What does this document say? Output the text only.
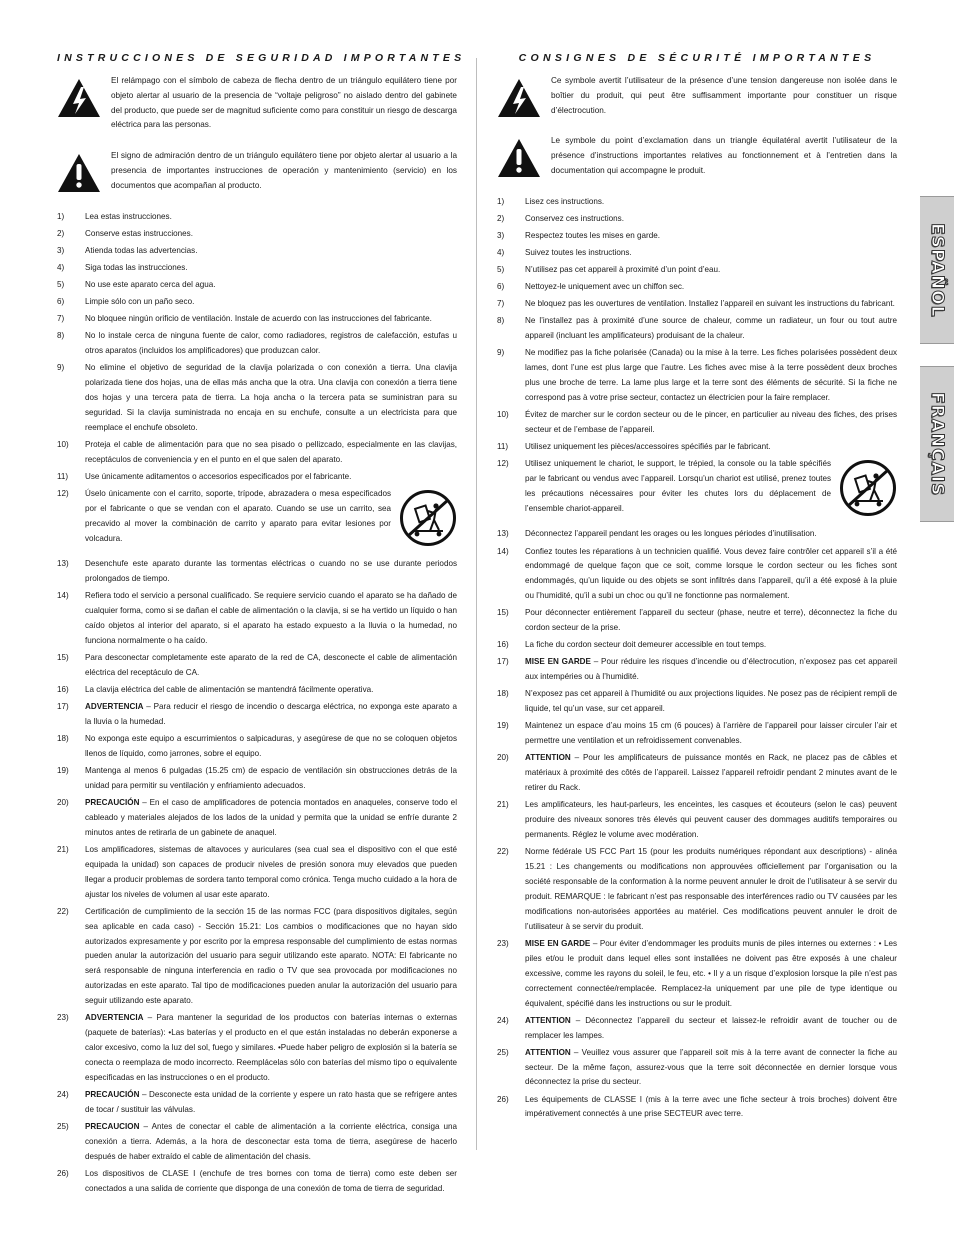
INSTRUCCIONES DE SEGURIDAD IMPORTANTES
El relámpago con el símbolo de cabeza de flecha dentro de un triángulo equilátero tiene por objeto alertar al usuario de la presencia de “voltaje peligroso” no aislado dentro del gabinete del producto, que puede ser de magnitud suficiente como para constituir un riesgo de descarga eléctrica para las personas.
El signo de admiración dentro de un triángulo equilátero tiene por objeto alertar al usuario a la presencia de importantes instrucciones de operación y mantenimiento (servicio) en los documentos que acompañan al producto.
1)	Lea estas instrucciones.
2)	Conserve estas instrucciones.
3)	Atienda todas las advertencias.
4)	Siga todas las instrucciones.
5)	No use este aparato cerca del agua.
6)	Limpie sólo con un paño seco.
7)	No bloquee ningún orificio de ventilación. Instale de acuerdo con las instrucciones del fabricante.
8)	No lo instale cerca de ninguna fuente de calor, como radiadores, registros de calefacción, estufas u otros aparatos (incluidos los amplificadores) que produzcan calor.
9)	No elimine el objetivo de seguridad de la clavija polarizada o con conexión a tierra. Una clavija polarizada tiene dos hojas, una de ellas más ancha que la otra. Una clavija con conexión a tierra tiene dos hojas y una tercera pata de tierra. La hoja ancha o la tercera pata se suministran para su seguridad. Si la clavija suministrada no encaja en su enchufe, consulte a un electricista para que reemplace el enchufe obsoleto.
10)	Proteja el cable de alimentación para que no sea pisado o pellizcado, especialmente en las clavijas, receptáculos de conveniencia y en el punto en el que salen del aparato.
11)	Use únicamente aditamentos o accesorios especificados por el fabricante.
12)	Úselo únicamente con el carrito, soporte, trípode, abrazadera o mesa especificados por el fabricante o que se vendan con el aparato. Cuando se use un carrito, sea precavido al mover la combinación de carrito y aparato para evitar lesiones por volcadura.
13)	Desenchufe este aparato durante las tormentas eléctricas o cuando no se use durante periodos prolongados de tiempo.
14)	Refiera todo el servicio a personal cualificado. Se requiere servicio cuando el aparato se ha dañado de cualquier forma, como si se dañan el cable de alimentación o la clavija, si se ha vertido un líquido o han caído objetos al interior del aparato, si el aparato ha estado expuesto a la lluvia o la humedad, no funciona normalmente o ha caído.
15)	Para desconectar completamente este aparato de la red de CA, desconecte el cable de alimentación eléctrica del receptáculo de CA.
16)	La clavija eléctrica del cable de alimentación se mantendrá fácilmente operativa.
17)	ADVERTENCIA – Para reducir el riesgo de incendio o descarga eléctrica, no exponga este aparato a la lluvia o la humedad.
18)	No exponga este equipo a escurrimientos o salpicaduras, y asegúrese de que no se coloquen objetos llenos de líquido, como jarrones, sobre el equipo.
19)	Mantenga al menos 6 pulgadas (15.25 cm) de espacio de ventilación sin obstrucciones detrás de la unidad para permitir su ventilación y enfriamiento adecuados.
20)	PRECAUCIÓN – En el caso de amplificadores de potencia montados en anaqueles, conserve todo el cableado y materiales alejados de los lados de la unidad y permita que la unidad se enfríe durante 2 minutos antes de retirarla de un gabinete de anaquel.
21)	Los amplificadores, sistemas de altavoces y auriculares (sea cual sea el dispositivo con el que esté equipada la unidad) son capaces de producir niveles de presión sonora muy elevados que pueden llegar a producir problemas de sordera tanto temporal como crónica. Tenga mucho cuidado a la hora de ajustar los niveles de volumen al usar este aparato.
22)	Certificación de cumplimiento de la sección 15 de las normas FCC (para dispositivos digitales, según sea aplicable en cada caso) - Sección 15.21: Los cambios o modificaciones que no hayan sido autorizados expresamente y por escrito por la empresa responsable del cumplimiento de estas normas pueden anular la autorización del usuario para seguir utilizando este aparato. NOTA: El fabricante no será responsable de ninguna interferencia en radio o TV que sea provocada por modificaciones no autorizadas en este aparato. Tal tipo de modificaciones pueden anular la autorización del usuario para seguir utilizando este aparato.
23)	ADVERTENCIA – Para mantener la seguridad de los productos con baterías internas o externas (paquete de baterías): •Las baterías y el producto en el que están instaladas no deberán exponerse a calor excesivo, como la luz del sol, fuego y similares. •Puede haber peligro de explosión si la batería se conecta o reemplaza de modo incorrecto. Reemplácelas sólo con baterías del mismo tipo o equivalente especificadas en las instrucciones o en el producto.
24)	PRECAUCIÓN – Desconecte esta unidad de la corriente y espere un rato hasta que se refrigere antes de tocar / sustituir las válvulas.
25)	PRECAUCION – Antes de conectar el cable de alimentación a la corriente eléctrica, consiga una conexión a tierra. Además, a la hora de desconectar esta toma de tierra, asegúrese de hacerlo después de haber extraído el cable de alimentación del chasis.
26)	Los dispositivos de CLASE I (enchufe de tres bornes con toma de tierra) como este deben ser conectados a una salida de corriente que disponga de una conexión de toma de tierra de seguridad.
CONSIGNES DE SÉCURITÉ IMPORTANTES
Ce symbole avertit l’utilisateur de la présence d’une tension dangereuse non isolée dans le boîtier du produit, qui peut être suffisamment importante pour constituer un risque d’électrocution.
Le symbole du point d’exclamation dans un triangle équilatéral avertit l’utilisateur de la présence d’instructions importantes relatives au fonctionnement et à l’entretien dans la documentation qui accompagne le produit.
1)	Lisez ces instructions.
2)	Conservez ces instructions.
3)	Respectez toutes les mises en garde.
4)	Suivez toutes les instructions.
5)	N’utilisez pas cet appareil à proximité d’un point d’eau.
6)	Nettoyez-le uniquement avec un chiffon sec.
7)	Ne bloquez pas les ouvertures de ventilation. Installez l’appareil en suivant les instructions du fabricant.
8)	Ne l’installez pas à proximité d’une source de chaleur, comme un radiateur, un four ou tout autre appareil (incluant les amplificateurs) produisant de la chaleur.
9)	Ne modifiez pas la fiche polarisée (Canada) ou la mise à la terre. Les fiches polarisées possèdent deux lames, dont l’une est plus large que l’autre. Les fiches avec mise à la terre possèdent deux broches plus une broche de terre. La lame plus large et la terre sont des éléments de sécurité. Si la fiche ne correspond pas à votre prise secteur, contactez un électricien pour la faire remplacer.
10)	Évitez de marcher sur le cordon secteur ou de le pincer, en particulier au niveau des fiches, des prises secteur et de l’embase de l’appareil.
11)	Utilisez uniquement les pièces/accessoires spécifiés par le fabricant.
12)	Utilisez uniquement le chariot, le support, le trépied, la console ou la table spécifiés par le fabricant ou vendus avec l’appareil. Lorsqu’un chariot est utilisé, prenez toutes les précautions nécessaires pour éviter les chutes lors du déplacement de l’ensemble chariot-appareil.
13)	Déconnectez l’appareil pendant les orages ou les longues périodes d’inutilisation.
14)	Confiez toutes les réparations à un technicien qualifié. Vous devez faire contrôler cet appareil s’il a été endommagé de quelque façon que ce soit, comme lorsque le cordon secteur ou les fiches sont endommagés, qu’un liquide ou des objets se sont infiltrés dans l’appareil, qu’il a été exposé à la pluie ou l’humidité, qu’il a subi un choc ou qu’il ne fonctionne pas normalement.
15)	Pour déconnecter entièrement l’appareil du secteur (phase, neutre et terre), déconnectez la fiche du cordon secteur de la prise.
16)	La fiche du cordon secteur doit demeurer accessible en tout temps.
17)	MISE EN GARDE – Pour réduire les risques d’incendie ou d’électrocution, n’exposez pas cet appareil aux intempéries ou à l’humidité.
18)	N’exposez pas cet appareil à l’humidité ou aux projections liquides. Ne posez pas de récipient rempli de liquide, tel qu’un vase, sur cet appareil.
19)	Maintenez un espace d’au moins 15 cm (6 pouces) à l’arrière de l’appareil pour laisser circuler l’air et permettre une ventilation et un refroidissement convenables.
20)	ATTENTION – Pour les amplificateurs de puissance montés en Rack, ne placez pas de câbles et matériaux à proximité des côtés de l’appareil. Laissez l’appareil refroidir pendant 2 minutes avant de le retirer du Rack.
21)	Les amplificateurs, les haut-parleurs, les enceintes, les casques et écouteurs (selon le cas) peuvent produire des niveaux sonores très élevés qui peuvent causer des dommages auditifs temporaires ou permanents. Réglez le volume avec modération.
22)	Norme fédérale US FCC Part 15 (pour les produits numériques répondant aux descriptions) - alinéa 15.21 : Les changements ou modifications non approuvées officiellement par l’organisation ou la société responsable de la conformation à la norme peuvent annuler le droit de l’utilisateur à se servir du produit. REMARQUE : le fabricant n’est pas responsable des interférences radio ou TV causées par les modifications non-autorisées apportées au matériel. Ces modifications peuvent annuler le droit de l’utilisateur à se servir du produit.
23)	MISE EN GARDE – Pour éviter d’endommager les produits munis de piles internes ou externes : • Les piles et/ou le produit dans lequel elles sont installées ne doivent pas être exposés à une chaleur excessive, comme les rayons du soleil, le feu, etc. • Il y a un risque d’explosion lorsque la pile n’est pas correctement connectée/remplacée. Remplacez-la uniquement par une pile de type identique ou équivalent, spécifié dans les instructions ou sur le produit.
24)	ATTENTION – Déconnectez l’appareil du secteur et laissez-le refroidir avant de toucher ou de remplacer les lampes.
25)	ATTENTION – Veuillez vous assurer que l’appareil soit mis à la terre avant de connecter la fiche au secteur. De la même façon, assurez-vous que la terre soit déconnectée en dernier lorsque vous déconnectez la prise du secteur.
26)	Les équipements de CLASSE I (mis à la terre avec une fiche secteur à trois broches) doivent être impérativement connectés à une prise SECTEUR avec terre.
ESPAÑOL
FRANÇAIS
